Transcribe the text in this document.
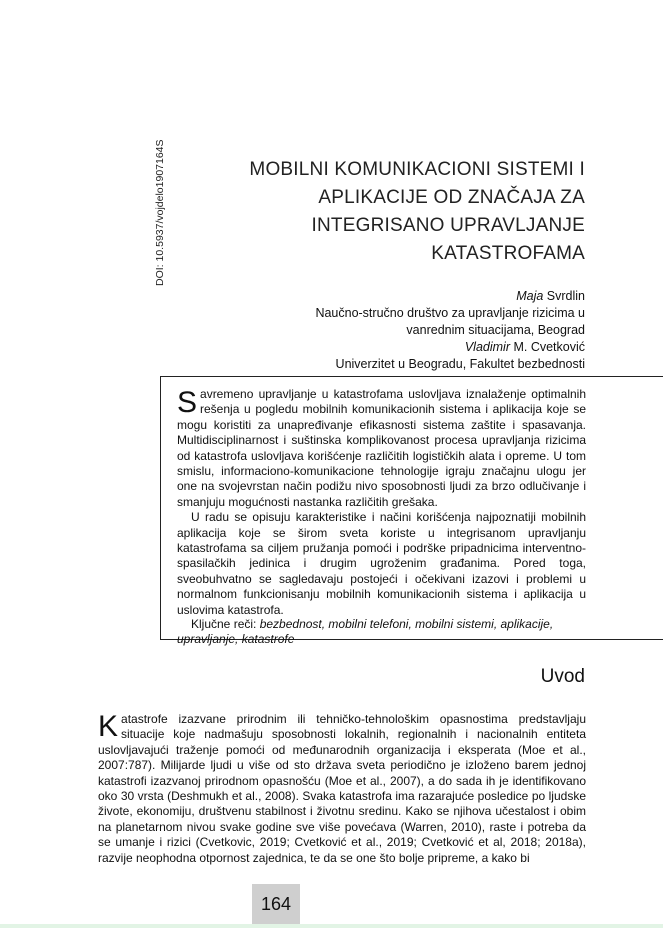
DOI: 10.5937/vojdelo1907164S	MOBILNI KOMUNIKACIONI SISTEMI I
APLIKACIJE OD ZNAČAJA ZA
INTEGRISANO UPRAVLJANJE
KATASTROFAMA
Maja Svrdlin
Naučno-stručno društvo za upravljanje rizicima u
vanrednim situacijama, Beograd
Vladimir M. Cvetković
Univerzitet u Beogradu, Fakultet bezbednosti

Savremeno upravljanje u katastrofama uslovljava iznalaženje optimalnih rešenja u pogledu mobilnih komunikacionih sistema i aplikacija koje se mogu koristiti za unapređivanje efikasnosti sistema zaštite i spasavanja. Multidisciplinarnost i suštinska komplikovanost procesa upravljanja rizicima od katastrofa uslovljava korišćenje različitih logističkih alata i opreme. U tom smislu, informaciono-komunikacione tehnologije igraju značajnu ulogu jer one na svojevrstan način podižu nivo sposobnosti ljudi za brzo odlučivanje i smanjuju mogućnosti nastanka različitih grešaka.

U radu se opisuju karakteristike i načini korišćenja najpoznatiji mobilnih aplikacija koje se širom sveta koriste u integrisanom upravljanju katastrofama sa ciljem pružanja pomoći i podrške pripadnicima interventno-spasilačkih jedinica i drugim ugroženim građanima. Pored toga, sveobuhvatno se sagledavaju postojeći i očekivani izazovi i problemi u normalnom funkcionisanju mobilnih komunikacionih sistema i aplikacija u uslovima katastrofa.

Ključne reči: bezbednost, mobilni telefoni, mobilni sistemi, aplikacije, upravljanje, katastrofe
Uvod

Katastrofe izazvane prirodnim ili tehničko-tehnološkim opasnostima predstavljaju situacije koje nadmašuju sposobnosti lokalnih, regionalnih i nacionalnih entiteta uslovljavajući traženje pomoći od međunarodnih organizacija i eksperata (Moe et al., 2007:787). Milijarde ljudi u više od sto država sveta periodično je izloženo barem jednoj katastrofi izazvanoj prirodnom opasnošću (Moe et al., 2007), a do sada ih je identifikovano oko 30 vrsta (Deshmukh et al., 2008). Svaka katastrofa ima razarajuće posledice po ljudske živote, ekonomiju, društvenu stabilnost i životnu sredinu. Kako se njihova učestalost i obim na planetarnom nivou svake godine sve više povećava (Warren, 2010), raste i potreba da se umanje i rizici (Cvetkovic, 2019; Cvetković et al., 2019; Cvetković et al, 2018; 2018a), razvije neophodna otpornost zajednica, te da se one što bolje pripreme, a kako bi

164
